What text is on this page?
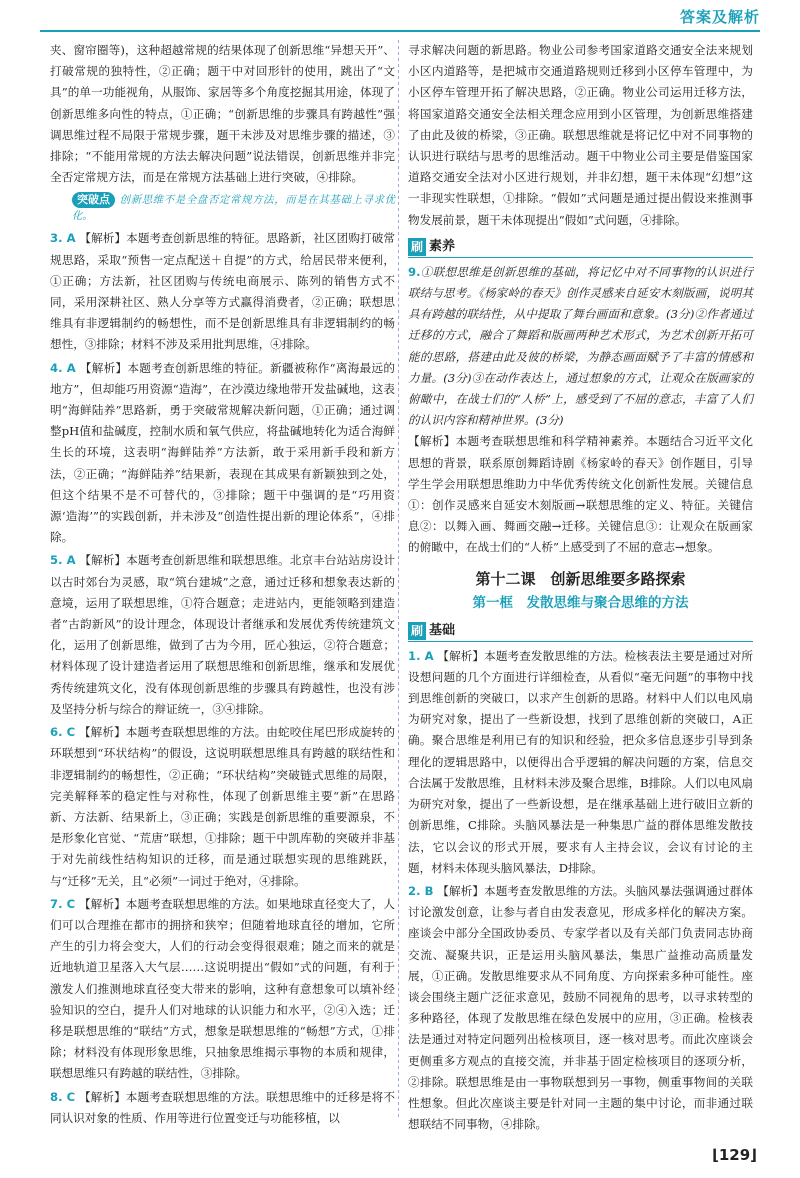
答案及解析

夹、窗帘圈等)，这种超越常规的结果体现了创新思维“异想天开”、打破常规的独特性，②正确；题干中对回形针的使用，跳出了“文具”的单一功能视角，从服饰、家居等多个角度挖掘其用途，体现了创新思维多向性的特点，①正确；“创新思维的步骤具有跨越性”强调思维过程不局限于常规步骤，题干未涉及对思维步骤的描述，③排除；“不能用常规的方法去解决问题”说法错误，创新思维并非完全否定常规方法，而是在常规方法基础上进行突破，④排除。

突破点 创新思维不是全盘否定常规方法，而是在其基础上寻求优化。

3. A 【解析】本题考查创新思维的特征。思路新，社区团购打破常规思路，采取“预售一定点配送＋自提”的方式，给居民带来便利，①正确；方法新，社区团购与传统电商展示、陈列的销售方式不同，采用深耕社区、熟人分享等方式赢得消费者，②正确；联想思维具有非逻辑制约的畅想性，而不是创新思维具有非逻辑制约的畅想性，③排除；材料不涉及采用批判思维，④排除。

4. A 【解析】本题考查创新思维的特征。新疆被称作“离海最远的地方”，但却能巧用资源“造海”，在沙漠边缘地带开发盐碱地，这表明“海鲜陆养”思路新，勇于突破常规解决新问题，①正确；通过调整pH值和盐碱度，控制水质和氧气供应，将盐碱地转化为适合海鲜生长的环境，这表明“海鲜陆养”方法新，敢于采用新手段和新方法，②正确；“海鲜陆养”结果新，表现在其成果有新颖独到之处，但这个结果不是不可替代的，③排除；题干中强调的是“巧用资源‘造海’”的实践创新，并未涉及“创造性提出新的理论体系”，④排除。

5. A 【解析】本题考查创新思维和联想思维。北京丰台站站房设计以古时郊台为灵感，取“筑台建城”之意，通过迁移和想象表达新的意境，运用了联想思维，①符合题意；走进站内，更能领略到建造者“古韵新风”的设计理念，体现设计者继承和发展优秀传统建筑文化，运用了创新思维，做到了古为今用，匠心独运，②符合题意；材料体现了设计建造者运用了联想思维和创新思维，继承和发展优秀传统建筑文化，没有体现创新思维的步骤具有跨越性，也没有涉及坚持分析与综合的辩证统一，③④排除。

6. C 【解析】本题考查联想思维的方法。由蛇咬住尾巴形成旋转的环联想到“环状结构”的假设，这说明联想思维具有跨越的联结性和非逻辑制约的畅想性，②正确；“环状结构”突破链式思维的局限，完美解释苯的稳定性与对称性，体现了创新思维主要“新”在思路新、方法新、结果新上，③正确；实践是创新思维的重要源泉，不是形象化官觉、“荒唐”联想，①排除；题干中凯库勒的突破并非基于对先前线性结构知识的迁移，而是通过联想实现的思维跳跃，与“迁移”无关，且“必须”一词过于绝对，④排除。

7. C 【解析】本题考查联想思维的方法。如果地球直径变大了，人们可以合理推在都市的拥挤和狭窄；但随着地球直径的增加，它所产生的引力将会变大，人们的行动会变得很艰难；随之而来的就是近地轨道卫星落入大气层……这说明提出“假如”式的问题，有利于激发人们推测地球直径变大带来的影响，这种有意想象可以填补经验知识的空白，提升人们对地球的认识能力和水平，②④入选；迁移是联想思维的“联结”方式，想象是联想思维的“畅想”方式，①排除；材料没有体现形象思维，只抽象思维揭示事物的本质和规律，联想思维只有跨越的联结性，③排除。

8. C 【解析】本题考查联想思维的方法。联想思维中的迁移是将不同认识对象的性质、作用等进行位置变迁与功能移植，以

寻求解决问题的新思路。物业公司参考国家道路交通安全法来规划小区内道路等，是把城市交通道路规则迁移到小区停车管理中，为小区停车管理开拓了解决思路，②正确。物业公司运用迁移方法，将国家道路交通安全法相关理念应用到小区管理，为创新思维搭建了由此及彼的桥梁，③正确。联想思维就是将记忆中对不同事物的认识进行联结与思考的思维活动。题干中物业公司主要是借鉴国家道路交通安全法对小区进行规划，并非幻想，题干未体现“幻想”这一非现实性联想，①排除。“假如”式问题是通过提出假设来推测事物发展前景，题干未体现提出“假如”式问题，④排除。

刷 素养

9.①联想思维是创新思维的基础，将记忆中对不同事物的认识进行联结与思考。《杨家岭的春天》创作灵感来自延安木刻版画，说明其具有跨越的联结性，从中提取了舞台画面和意象。(3分)②作者通过迁移的方式，融合了舞蹈和版画两种艺术形式，为艺术创新开拓可能的思路，搭建由此及彼的桥梁，为静态画面赋予了丰富的情感和力量。(3分)③在动作表达上，通过想象的方式，让观众在版画家的俯瞰中，在战士们的“人桥”上，感受到了不屈的意志，丰富了人们的认识内容和精神世界。(3分)

【解析】本题考查联想思维和科学精神素养。本题结合习近平文化思想的背景，联系原创舞蹈诗剧《杨家岭的春天》创作题目，引导学生学会用联想思维助力中华优秀传统文化创新性发展。关键信息①：创作灵感来自延安木刻版画→联想思维的定义、特征。关键信息②：以舞入画、舞画交融→迁移。关键信息③：让观众在版画家的俯瞰中，在战士们的“人桥”上感受到了不屈的意志→想象。

第十二课　创新思维要多路探索
第一框　发散思维与聚合思维的方法
刷 基础

1. A 【解析】本题考查发散思维的方法。检核表法主要是通过对所设想问题的几个方面进行详细检查，从看似“毫无问题”的事物中找到思维创新的突破口，以求产生创新的思路。材料中人们以电风扇为研究对象，提出了一些新设想，找到了思维创新的突破口，A正确。聚合思维是利用已有的知识和经验，把众多信息逐步引导到条理化的逻辑思路中，以便得出合乎逻辑的解决问题的方案，信息交合法属于发散思维，且材料未涉及聚合思维，B排除。人们以电风扇为研究对象，提出了一些新设想，是在继承基础上进行破旧立新的创新思维，C排除。头脑风暴法是一种集思广益的群体思维发散技法，它以会议的形式开展，要求有人主持会议，会议有讨论的主题，材料未体现头脑风暴法，D排除。

2. B 【解析】本题考查发散思维的方法。头脑风暴法强调通过群体讨论激发创意，让参与者自由发表意见，形成多样化的解决方案。座谈会中部分全国政协委员、专家学者以及有关部门负责同志协商交流、凝聚共识，正是运用头脑风暴法，集思广益推动高质量发展，①正确。发散思维要求从不同角度、方向探索多种可能性。座谈会围绕主题广泛征求意见，鼓励不同视角的思考，以寻求转型的多种路径，体现了发散思维在绿色发展中的应用，③正确。检核表法是通过对特定问题列出检核项目，逐一核对思考。而此次座谈会更侧重多方观点的直接交流，并非基于固定检核项目的逐项分析，②排除。联想思维是由一事物联想到另一事物，侧重事物间的关联性想象。但此次座谈主要是针对同一主题的集中讨论，而非通过联想联结不同事物，④排除。

⌊129⌋
